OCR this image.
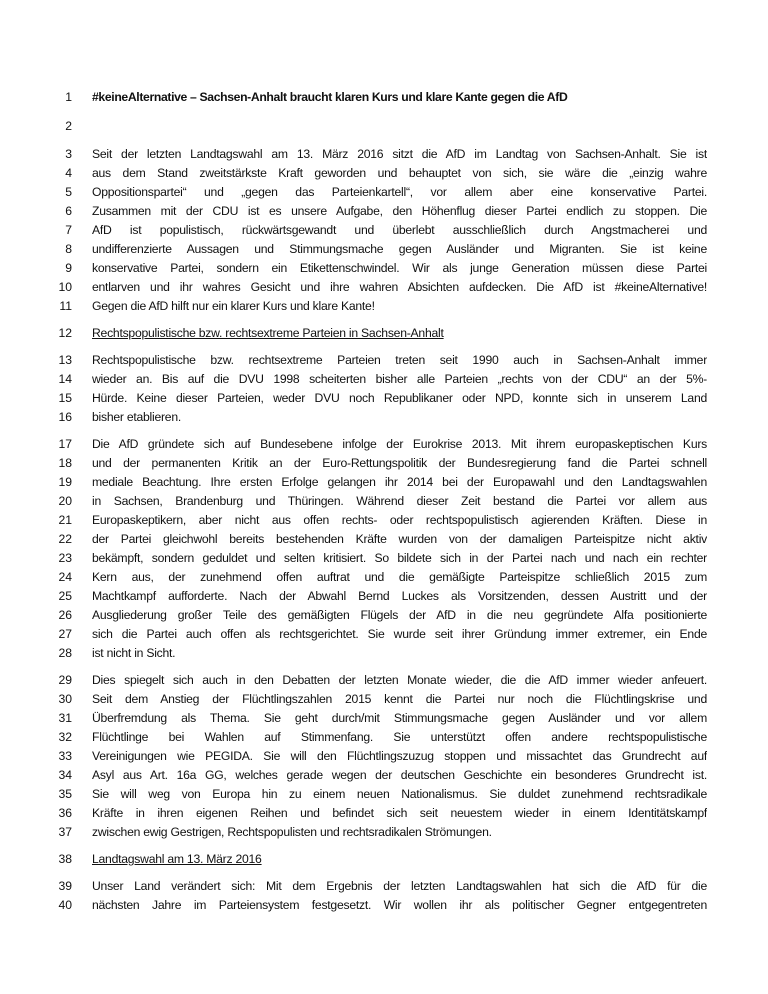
1 #keineAlternative – Sachsen-Anhalt braucht klaren Kurs und klare Kante gegen die AfD
2
3 Seit der letzten Landtagswahl am 13. März 2016 sitzt die AfD im Landtag von Sachsen-Anhalt. Sie ist
4 aus dem Stand zweitstärkste Kraft geworden und behauptet von sich, sie wäre die „einzig wahre
5 Oppositionspartei“ und „gegen das Parteienkartell“, vor allem aber eine konservative Partei.
6 Zusammen mit der CDU ist es unsere Aufgabe, den Höhenflug dieser Partei endlich zu stoppen. Die
7 AfD ist populistisch, rückwärtsgewandt und überlebt ausschließlich durch Angstmacherei und
8 undifferenzierte Aussagen und Stimmungsmache gegen Ausländer und Migranten. Sie ist keine
9 konservative Partei, sondern ein Etikettenschwindel. Wir als junge Generation müssen diese Partei
10 entlarven und ihr wahres Gesicht und ihre wahren Absichten aufdecken. Die AfD ist #keineAlternative!
11 Gegen die AfD hilft nur ein klarer Kurs und klare Kante!
12 Rechtspopulistische bzw. rechtsextreme Parteien in Sachsen-Anhalt
13 Rechtspopulistische bzw. rechtsextreme Parteien treten seit 1990 auch in Sachsen-Anhalt immer
14 wieder an. Bis auf die DVU 1998 scheiterten bisher alle Parteien „rechts von der CDU“ an der 5%-
15 Hürde. Keine dieser Parteien, weder DVU noch Republikaner oder NPD, konnte sich in unserem Land
16 bisher etablieren.
17 Die AfD gründete sich auf Bundesebene infolge der Eurokrise 2013. Mit ihrem europaskeptischen Kurs
18 und der permanenten Kritik an der Euro-Rettungspolitik der Bundesregierung fand die Partei schnell
19 mediale Beachtung. Ihre ersten Erfolge gelangen ihr 2014 bei der Europawahl und den Landtagswahlen
20 in Sachsen, Brandenburg und Thüringen. Während dieser Zeit bestand die Partei vor allem aus
21 Europaskeptikern, aber nicht aus offen rechts- oder rechtspopulistisch agierenden Kräften. Diese in
22 der Partei gleichwohl bereits bestehenden Kräfte wurden von der damaligen Parteispitze nicht aktiv
23 bekämpft, sondern geduldet und selten kritisiert. So bildete sich in der Partei nach und nach ein rechter
24 Kern aus, der zunehmend offen auftrat und die gemäßigte Parteispitze schließlich 2015 zum
25 Machtkampf aufforderte. Nach der Abwahl Bernd Luckes als Vorsitzenden, dessen Austritt und der
26 Ausgliederung großer Teile des gemäßigten Flügels der AfD in die neu gegründete Alfa positionierte
27 sich die Partei auch offen als rechtsgerichtet. Sie wurde seit ihrer Gründung immer extremer, ein Ende
28 ist nicht in Sicht.
29 Dies spiegelt sich auch in den Debatten der letzten Monate wieder, die die AfD immer wieder anfeuert.
30 Seit dem Anstieg der Flüchtlingszahlen 2015 kennt die Partei nur noch die Flüchtlingskrise und
31 Überfremdung als Thema. Sie geht durch/mit Stimmungsmache gegen Ausländer und vor allem
32 Flüchtlinge bei Wahlen auf Stimmenfang. Sie unterstützt offen andere rechtspopulistische
33 Vereinigungen wie PEGIDA. Sie will den Flüchtlingszuzug stoppen und missachtet das Grundrecht auf
34 Asyl aus Art. 16a GG, welches gerade wegen der deutschen Geschichte ein besonderes Grundrecht ist.
35 Sie will weg von Europa hin zu einem neuen Nationalismus. Sie duldet zunehmend rechtsradikale
36 Kräfte in ihren eigenen Reihen und befindet sich seit neuestem wieder in einem Identitätskampf
37 zwischen ewig Gestrigen, Rechtspopulisten und rechtsradikalen Strömungen.
38 Landtagswahl am 13. März 2016
39 Unser Land verändert sich: Mit dem Ergebnis der letzten Landtagswahlen hat sich die AfD für die
40 nächsten Jahre im Parteiensystem festgesetzt. Wir wollen ihr als politischer Gegner entgegentreten
